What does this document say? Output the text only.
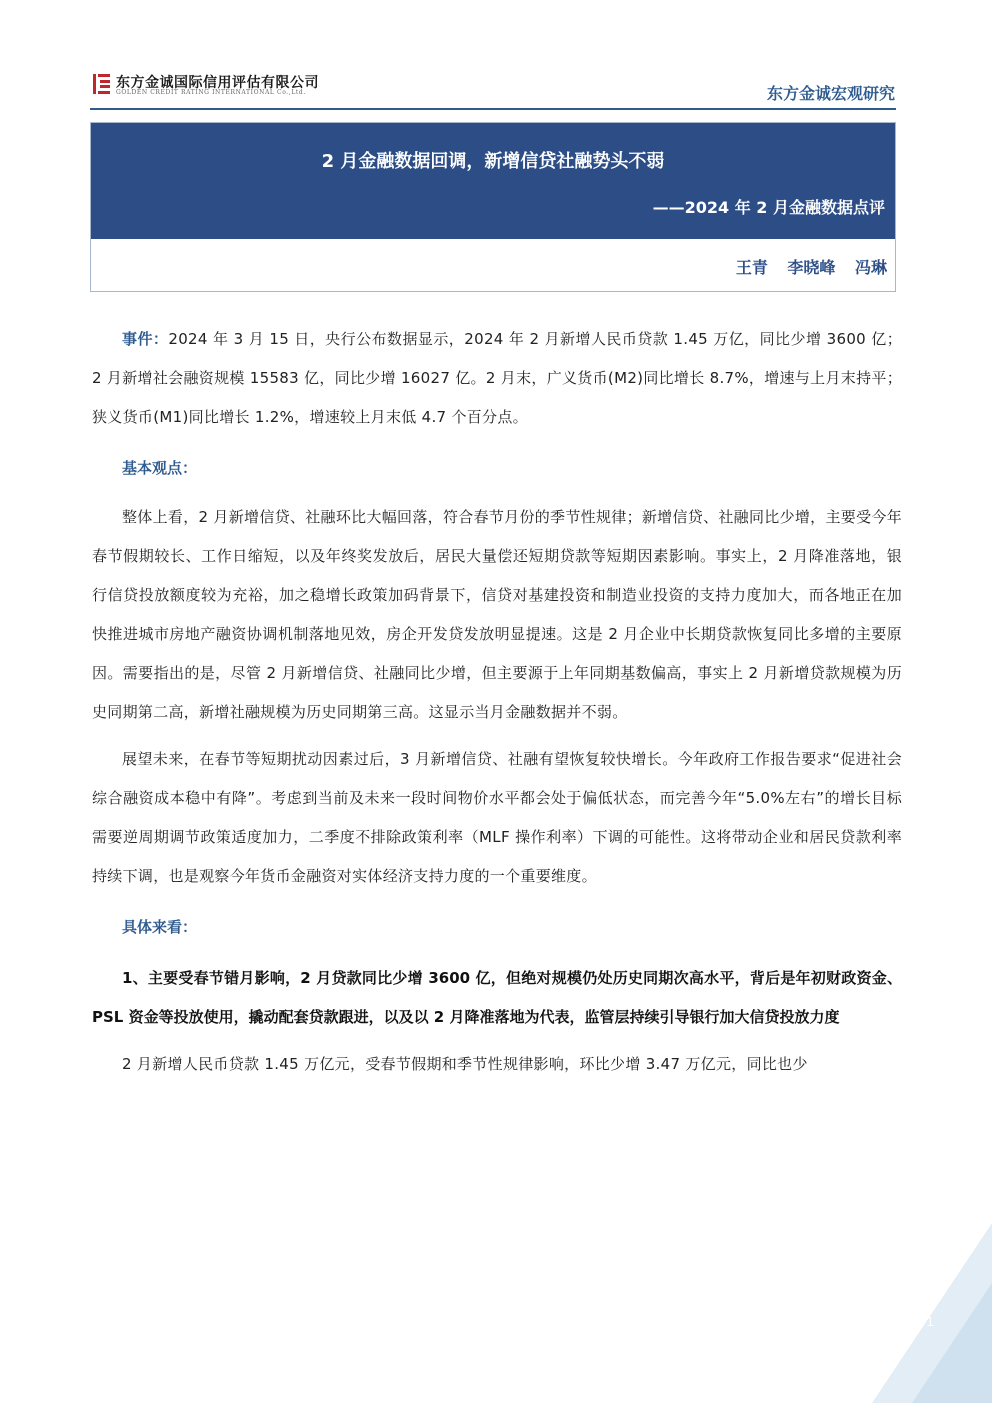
东方金诚国际信用评估有限公司
GOLDEN CREDIT RATING INTERNATIONAL Co.,Ltd.	东方金诚宏观研究
2 月金融数据回调，新增信贷社融势头不弱
——2024 年 2 月金融数据点评
王青 李晓峰 冯琳

事件：2024 年 3 月 15 日，央行公布数据显示，2024 年 2 月新增人民币贷款 1.45 万亿，同比少增 3600 亿；2 月新增社会融资规模 15583 亿，同比少增 16027 亿。2 月末，广义货币(M2)同比增长 8.7%，增速与上月末持平；狭义货币(M1)同比增长 1.2%，增速较上月末低 4.7 个百分点。

基本观点：

整体上看，2 月新增信贷、社融环比大幅回落，符合春节月份的季节性规律；新增信贷、社融同比少增，主要受今年春节假期较长、工作日缩短，以及年终奖发放后，居民大量偿还短期贷款等短期因素影响。事实上，2 月降准落地，银行信贷投放额度较为充裕，加之稳增长政策加码背景下，信贷对基建投资和制造业投资的支持力度加大，而各地正在加快推进城市房地产融资协调机制落地见效，房企开发贷发放明显提速。这是 2 月企业中长期贷款恢复同比多增的主要原因。需要指出的是，尽管 2 月新增信贷、社融同比少增，但主要源于上年同期基数偏高，事实上 2 月新增贷款规模为历史同期第二高，新增社融规模为历史同期第三高。这显示当月金融数据并不弱。

展望未来，在春节等短期扰动因素过后，3 月新增信贷、社融有望恢复较快增长。今年政府工作报告要求“促进社会综合融资成本稳中有降”。考虑到当前及未来一段时间物价水平都会处于偏低状态，而完善今年“5.0%左右”的增长目标需要逆周期调节政策适度加力，二季度不排除政策利率（MLF 操作利率）下调的可能性。这将带动企业和居民贷款利率持续下调，也是观察今年货币金融资对实体经济支持力度的一个重要维度。

具体来看：
1、主要受春节错月影响，2 月贷款同比少增 3600 亿，但绝对规模仍处历史同期次高水平，背后是年初财政资金、PSL 资金等投放使用，撬动配套贷款跟进，以及以 2 月降准落地为代表，监管层持续引导银行加大信贷投放力度

2 月新增人民币贷款 1.45 万亿元，受春节假期和季节性规律影响，环比少增 3.47 万亿元，同比也少

1
